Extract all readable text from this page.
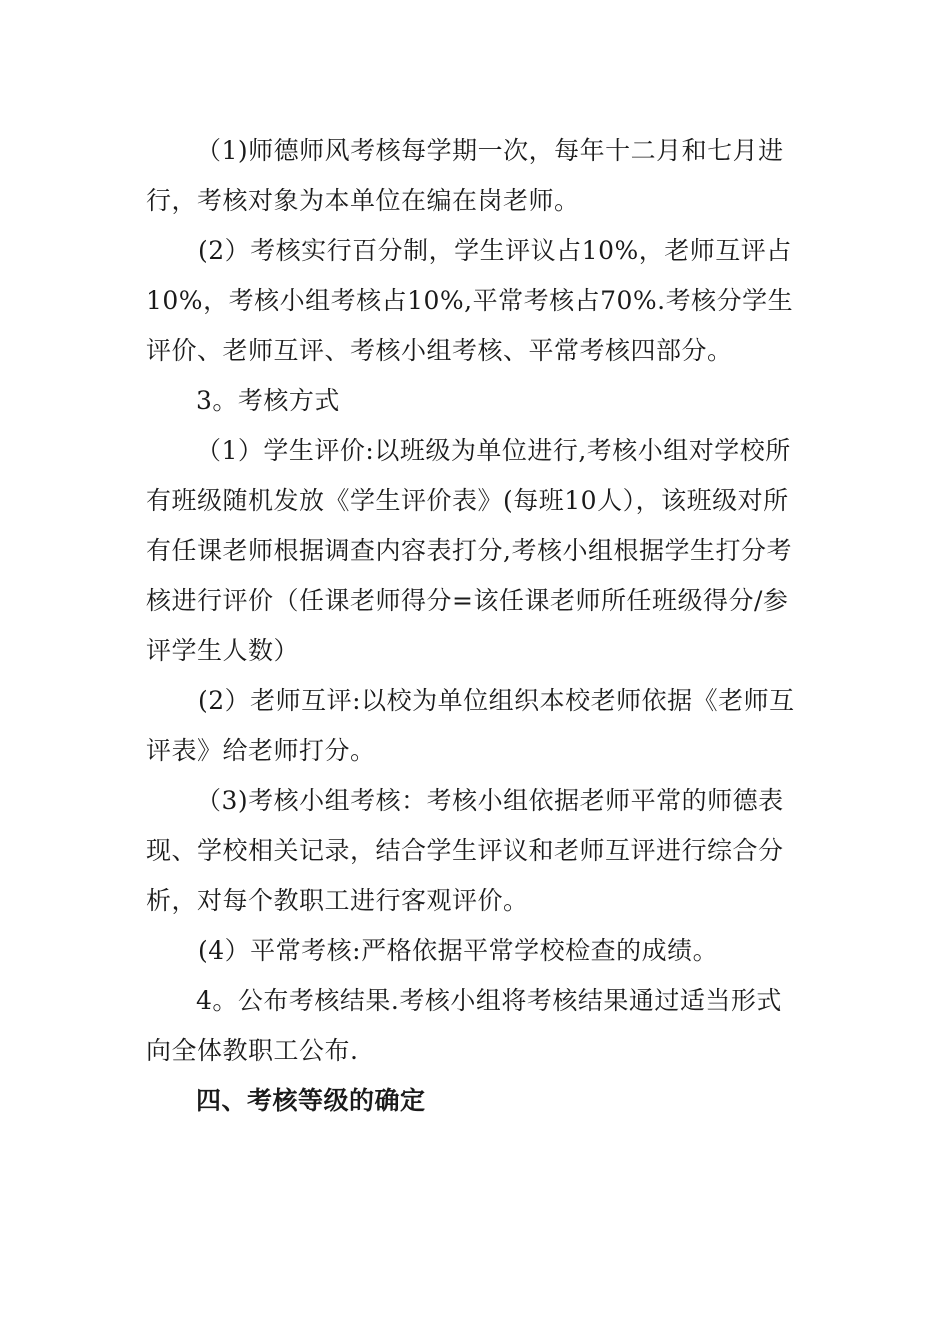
（1)师德师风考核每学期一次，每年十二月和七月进
行，考核对象为本单位在编在岗老师。
(2）考核实行百分制，学生评议占10%，老师互评占
10%，考核小组考核占10%,平常考核占70%.考核分学生
评价、老师互评、考核小组考核、平常考核四部分。
3。考核方式
（1）学生评价:以班级为单位进行,考核小组对学校所
有班级随机发放《学生评价表》(每班10人），该班级对所
有任课老师根据调查内容表打分,考核小组根据学生打分考
核进行评价（任课老师得分=该任课老师所任班级得分/参
评学生人数）
(2）老师互评:以校为单位组织本校老师依据《老师互
评表》给老师打分。
（3)考核小组考核：考核小组依据老师平常的师德表
现、学校相关记录，结合学生评议和老师互评进行综合分
析，对每个教职工进行客观评价。
(4）平常考核:严格依据平常学校检查的成绩。
4。公布考核结果.考核小组将考核结果通过适当形式
向全体教职工公布.
四、考核等级的确定
